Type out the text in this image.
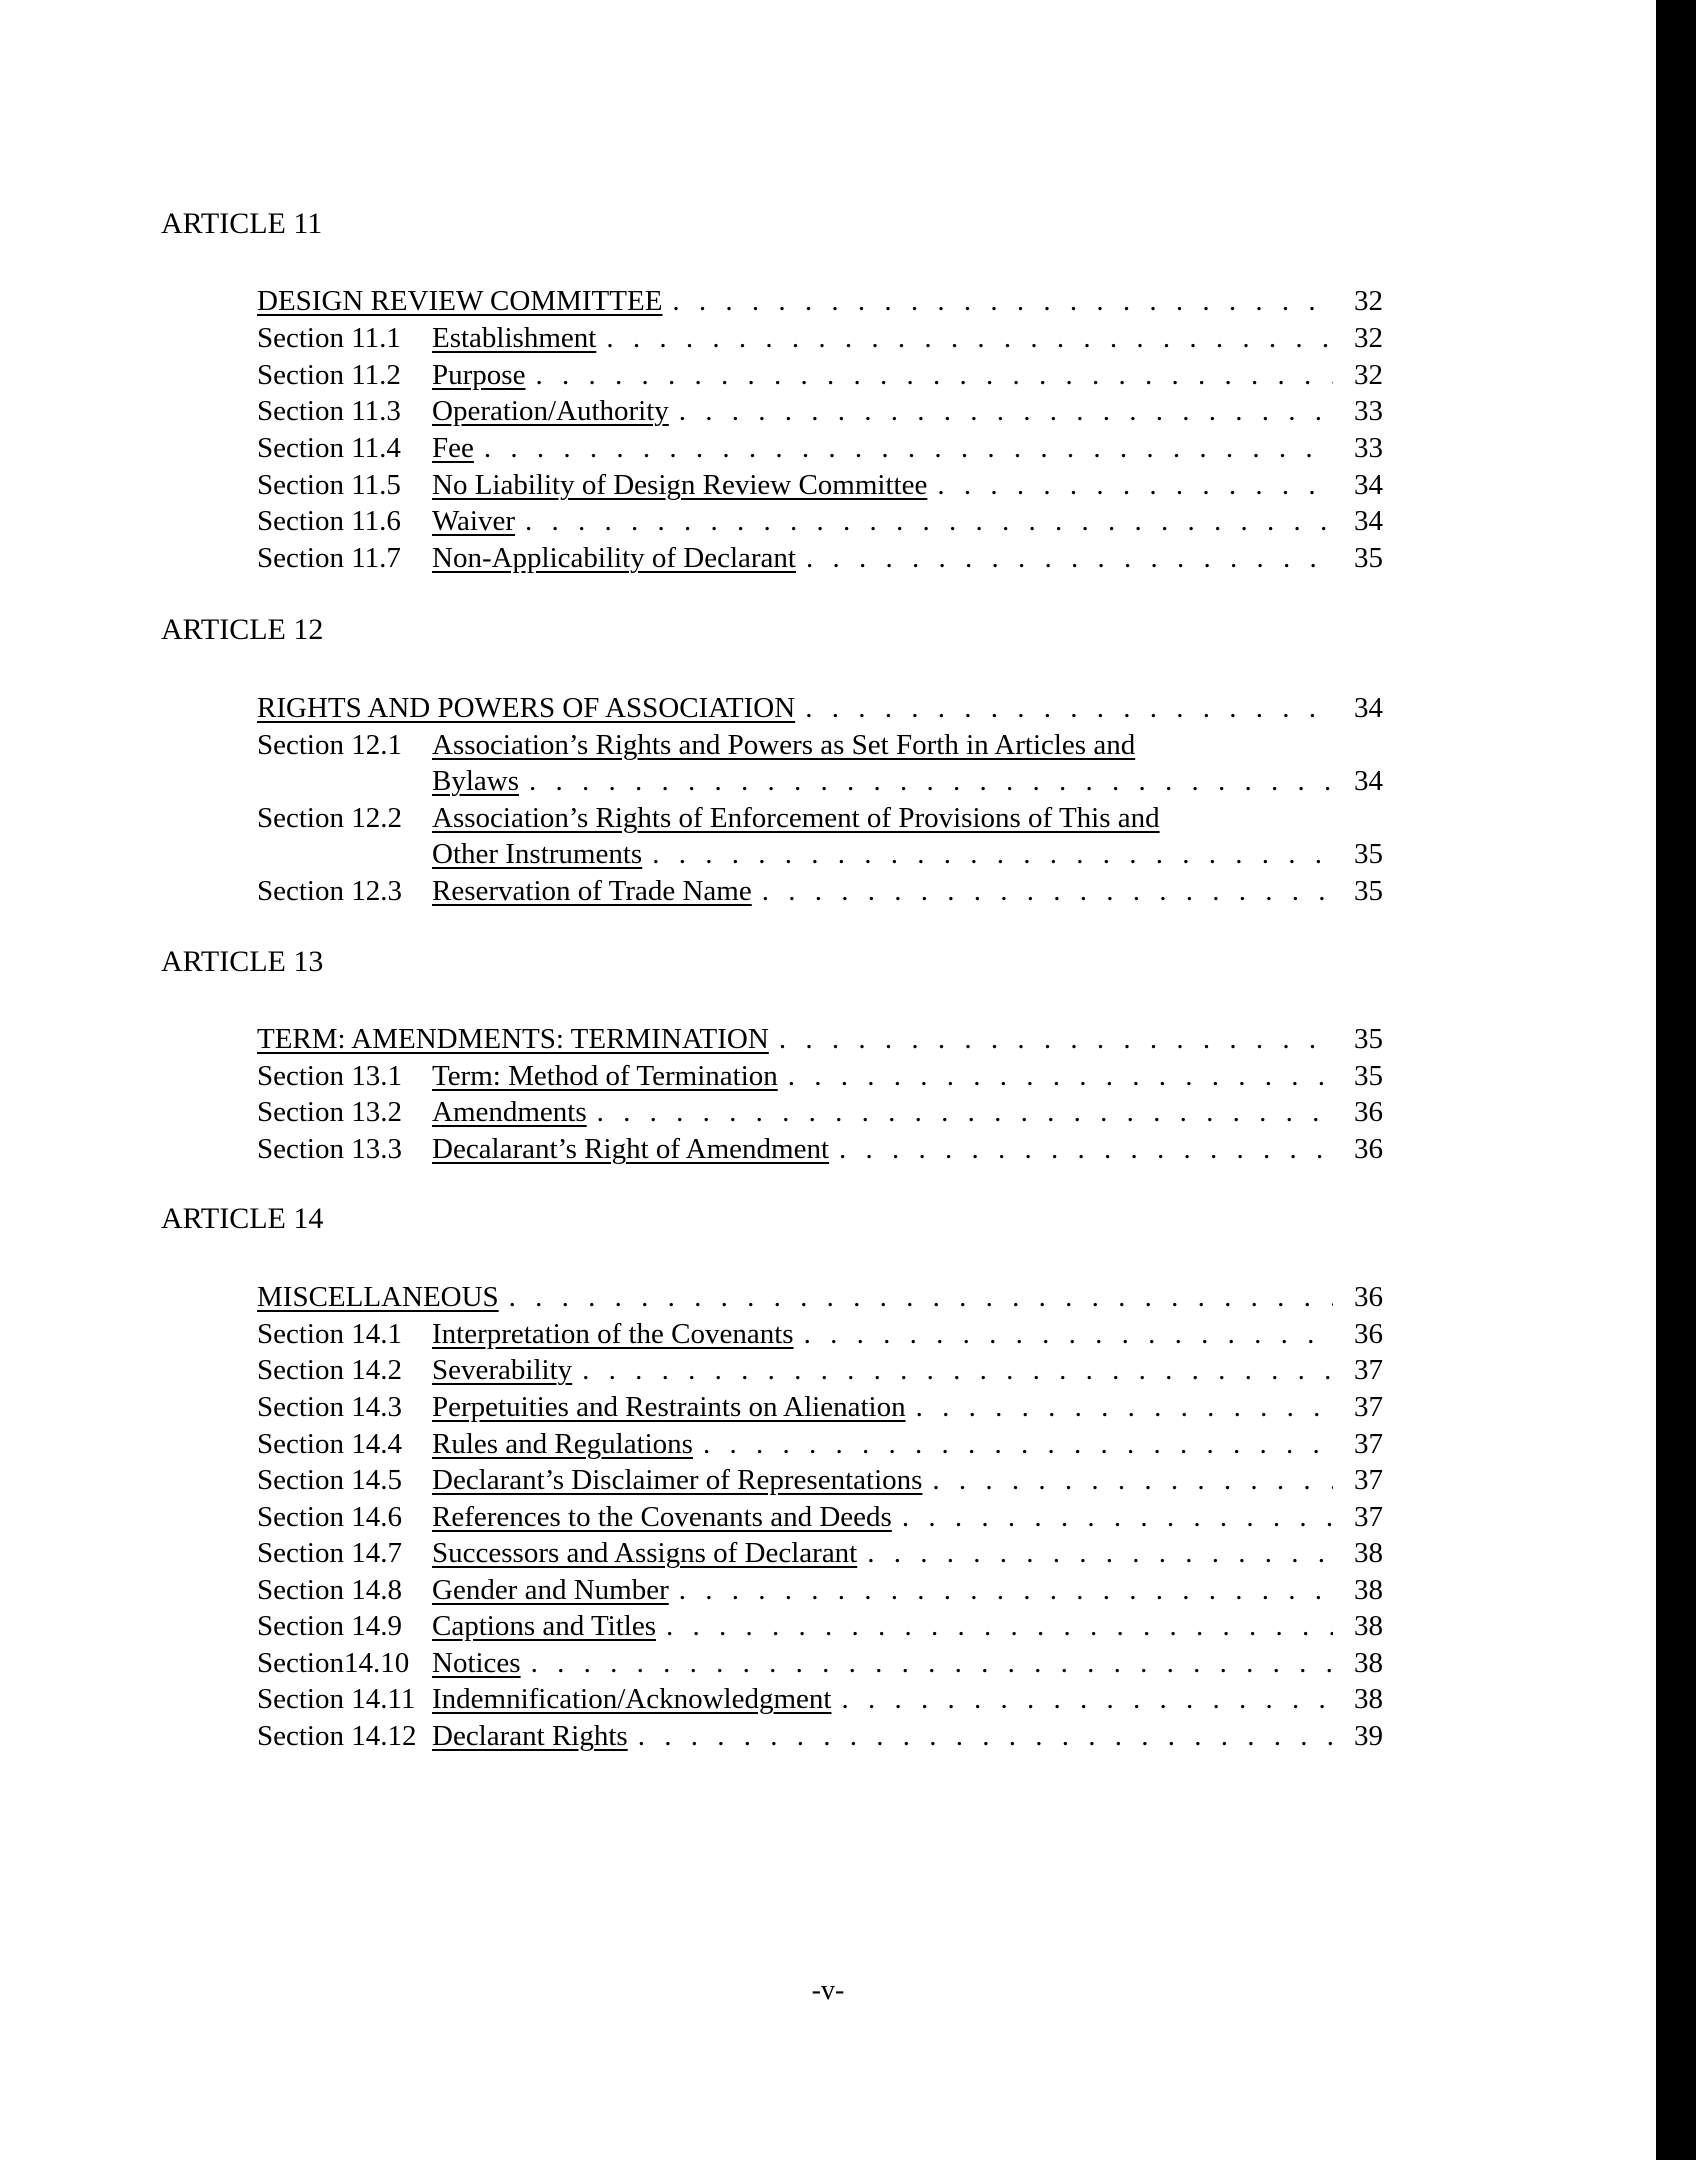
ARTICLE 11
DESIGN REVIEW COMMITTEE . . .	32
Section 11.1	Establishment . . .	32
Section 11.2	Purpose . . .	32
Section 11.3	Operation/Authority . . .	33
Section 11.4	Fee . . .	33
Section 11.5	No Liability of Design Review Committee . . .	34
Section 11.6	Waiver . . .	34
Section 11.7	Non-Applicability of Declarant . . .	35
ARTICLE 12
RIGHTS AND POWERS OF ASSOCIATION . . .	34
Section 12.1	Association’s Rights and Powers as Set Forth in Articles and
Bylaws . . .	34
Section 12.2	Association’s Rights of Enforcement of Provisions of This and
Other Instruments . . .	35
Section 12.3	Reservation of Trade Name . . .	35
ARTICLE 13
TERM: AMENDMENTS: TERMINATION . . .	35
Section 13.1	Term: Method of Termination . . .	35
Section 13.2	Amendments . . .	36
Section 13.3	Decalarant’s Right of Amendment . . .	36
ARTICLE 14
MISCELLANEOUS . . .	36
Section 14.1	Interpretation of the Covenants . . .	36
Section 14.2	Severability . . .	37
Section 14.3	Perpetuities and Restraints on Alienation . . .	37
Section 14.4	Rules and Regulations . . .	37
Section 14.5	Declarant’s Disclaimer of Representations . . .	37
Section 14.6	References to the Covenants and Deeds . . .	37
Section 14.7	Successors and Assigns of Declarant . . .	38
Section 14.8	Gender and Number . . .	38
Section 14.9	Captions and Titles . . .	38
Section14.10 Notices . . .	38
Section 14.11 Indemnification/Acknowledgment . . .	38
Section 14.12 Declarant Rights . . .	39
-v-
